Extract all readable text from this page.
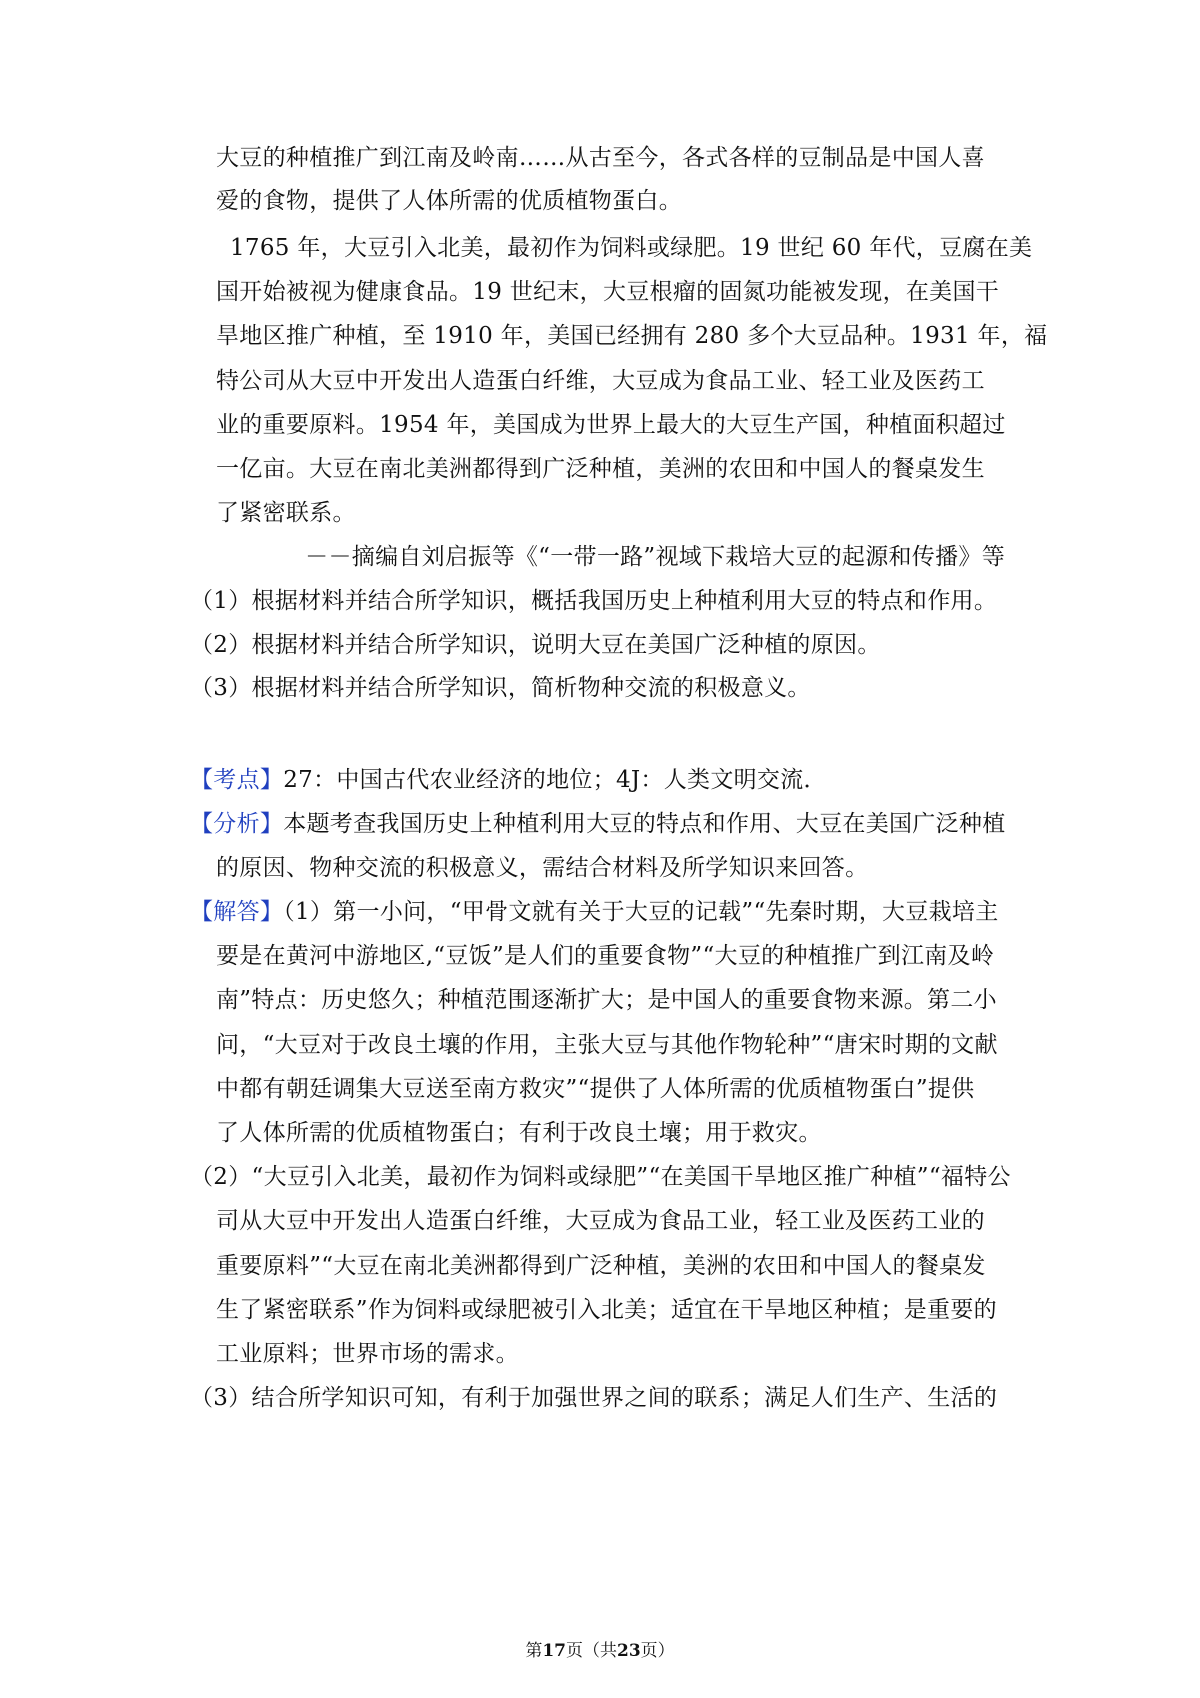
大豆的种植推广到江南及岭南……从古至今，各式各样的豆制品是中国人喜
爱的食物，提供了人体所需的优质植物蛋白。
1765 年，大豆引入北美，最初作为饲料或绿肥。19 世纪 60 年代，豆腐在美
国开始被视为健康食品。19 世纪末，大豆根瘤的固氮功能被发现，在美国干
旱地区推广种植，至 1910 年，美国已经拥有 280 多个大豆品种。1931 年，福
特公司从大豆中开发出人造蛋白纤维，大豆成为食品工业、轻工业及医药工
业的重要原料。1954 年，美国成为世界上最大的大豆生产国，种植面积超过
一亿亩。大豆在南北美洲都得到广泛种植，美洲的农田和中国人的餐桌发生
了紧密联系。
－－摘编自刘启振等《“一带一路”视域下栽培大豆的起源和传播》等
（1）根据材料并结合所学知识，概括我国历史上种植利用大豆的特点和作用。
（2）根据材料并结合所学知识，说明大豆在美国广泛种植的原因。
（3）根据材料并结合所学知识，简析物种交流的积极意义。
【考点】27：中国古代农业经济的地位；4J：人类文明交流．
【分析】本题考查我国历史上种植利用大豆的特点和作用、大豆在美国广泛种植
的原因、物种交流的积极意义，需结合材料及所学知识来回答。
【解答】（1）第一小问，“甲骨文就有关于大豆的记载”“先秦时期，大豆栽培主
要是在黄河中游地区,“豆饭”是人们的重要食物”“大豆的种植推广到江南及岭
南”特点：历史悠久；种植范围逐渐扩大；是中国人的重要食物来源。第二小
问，“大豆对于改良土壤的作用，主张大豆与其他作物轮种”“唐宋时期的文献
中都有朝廷调集大豆送至南方救灾”“提供了人体所需的优质植物蛋白”提供
了人体所需的优质植物蛋白；有利于改良土壤；用于救灾。
（2）“大豆引入北美，最初作为饲料或绿肥”“在美国干旱地区推广种植”“福特公
司从大豆中开发出人造蛋白纤维，大豆成为食品工业，轻工业及医药工业的
重要原料”“大豆在南北美洲都得到广泛种植，美洲的农田和中国人的餐桌发
生了紧密联系”作为饲料或绿肥被引入北美；适宜在干旱地区种植；是重要的
工业原料；世界市场的需求。
（3）结合所学知识可知，有利于加强世界之间的联系；满足人们生产、生活的
第17页（共23页）
